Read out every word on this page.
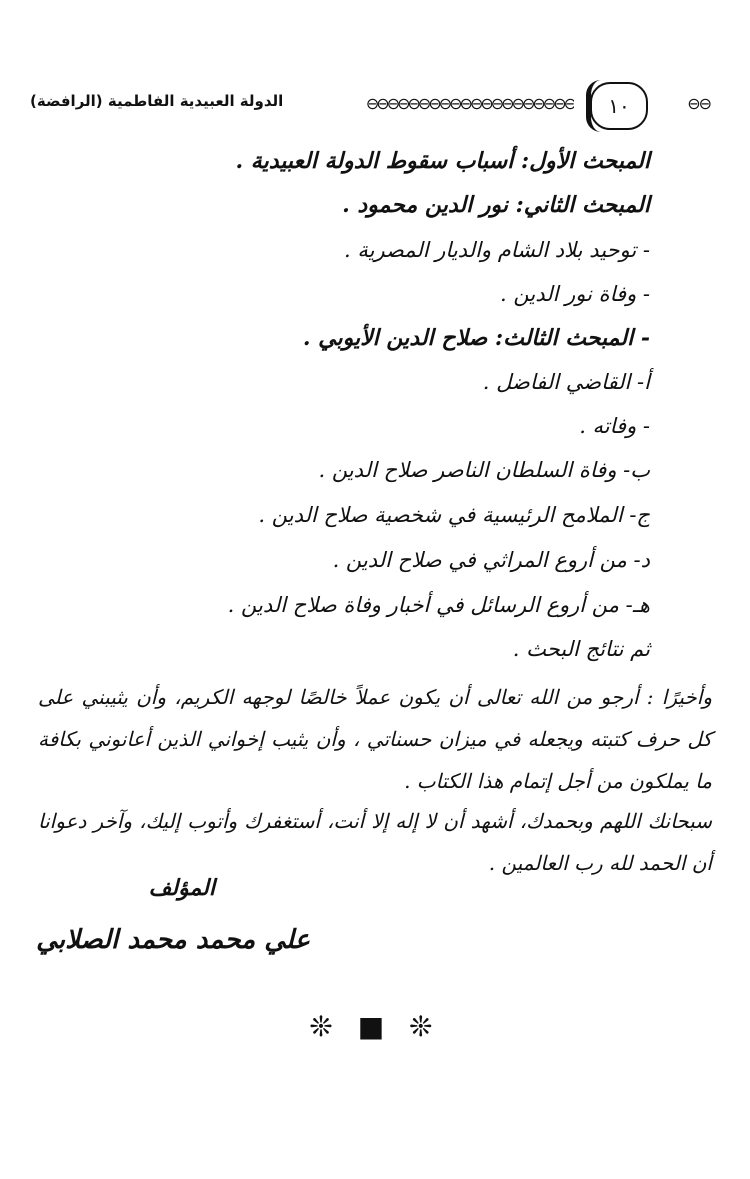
⊖⊖
١٠
⊖⊖⊖⊖⊖⊖⊖⊖⊖⊖⊖⊖⊖⊖⊖⊖⊖⊖⊖⊖
الدولة العبيدية الفاطمية (الرافضة)
المبحث الأول: أسباب سقوط الدولة العبيدية .
المبحث الثاني: نور الدين محمود .
- توحيد بلاد الشام والديار المصرية .
- وفاة نور الدين .
- المبحث الثالث: صلاح الدين الأيوبي .
أ- القاضي الفاضل .
- وفاته .
ب- وفاة السلطان الناصر صلاح الدين .
ج- الملامح الرئيسية في شخصية صلاح الدين .
د- من أروع المراثي في صلاح الدين .
هـ- من أروع الرسائل في أخبار وفاة صلاح الدين .
ثم نتائج البحث .
وأخيرًا : أرجو من الله تعالى أن يكون عملاً خالصًا لوجهه الكريم، وأن يثيبني على كل حرف كتبته ويجعله في ميزان حسناتي ، وأن يثيب إخواني الذين أعانوني بكافة ما يملكون من أجل إتمام هذا الكتاب .
سبحانك اللهم وبحمدك، أشهد أن لا إله إلا أنت، أستغفرك وأتوب إليك، وآخر دعوانا أن الحمد لله رب العالمين .
المؤلف
علي محمد محمد الصلابي
❊ ■ ❊
